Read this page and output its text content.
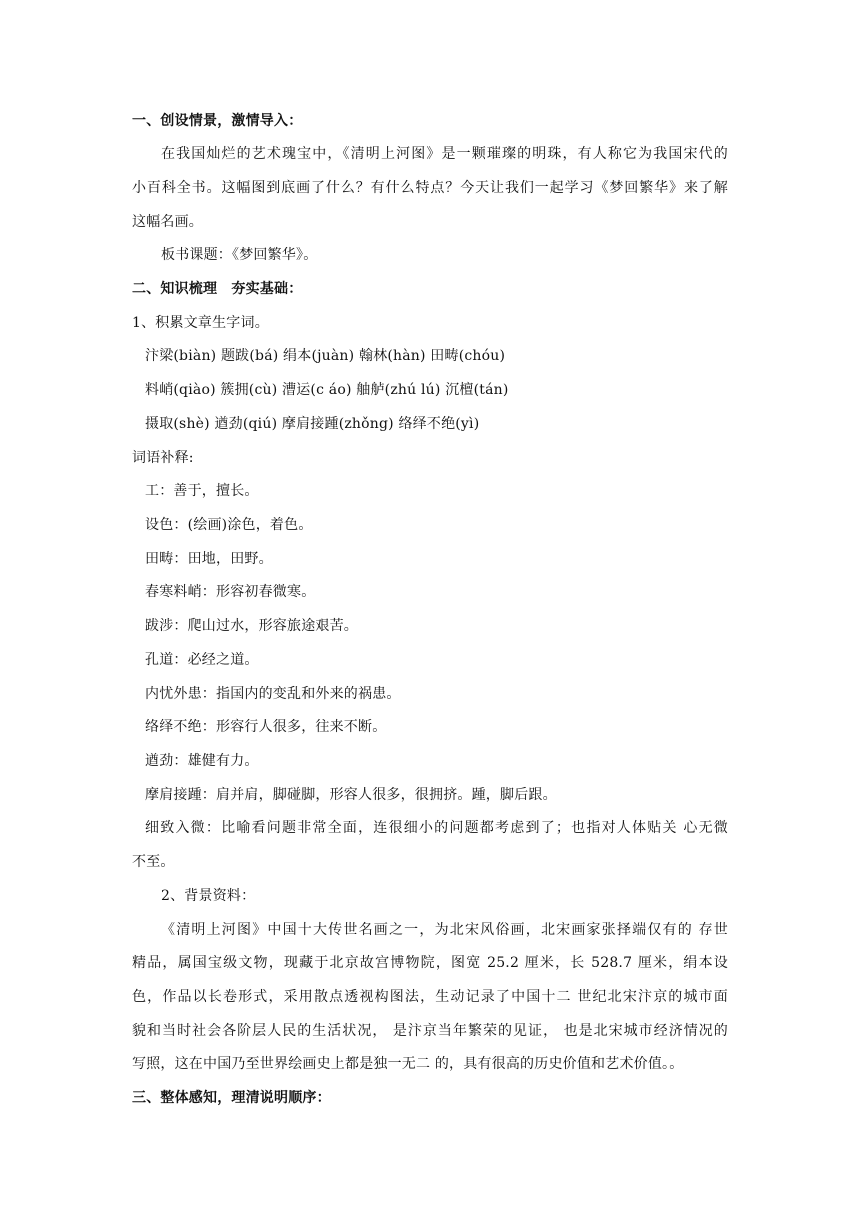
一、创设情景，激情导入：
在我国灿烂的艺术瑰宝中，《清明上河图》是一颗璀璨的明珠，有人称它为我国宋代的
小百科全书。这幅图到底画了什么？有什么特点？今天让我们一起学习《梦回繁华》来了解
这幅名画。
板书课题：《梦回繁华》。
二、知识梳理　夯实基础：
1、积累文章生字词。
汴梁(biàn) 题跋(bá) 绢本(juàn) 翰林(hàn) 田畴(chóu)
料峭(qiào) 簇拥(cù) 漕运(c áo) 舳舻(zhú lú) 沉檀(tán)
摄取(shè) 遒劲(qiú) 摩肩接踵(zhǒng) 络绎不绝(yì)
词语补释:
工：善于，擅长。
设色：(绘画)涂色，着色。
田畴：田地，田野。
春寒料峭：形容初春微寒。
跋涉：爬山过水，形容旅途艰苦。
孔道：必经之道。
内忧外患：指国内的变乱和外来的祸患。
络绎不绝：形容行人很多，往来不断。
遒劲：雄健有力。
摩肩接踵：肩并肩，脚碰脚，形容人很多，很拥挤。踵，脚后跟。
细致入微：比喻看问题非常全面，连很细小的问题都考虑到了；也指对人体贴关 心无微
不至。
2、背景资料：
《清明上河图》中国十大传世名画之一，为北宋风俗画，北宋画家张择端仅有的 存世
精品，属国宝级文物，现藏于北京故宫博物院，图宽 25.2 厘米，长 528.7 厘米，绢本设
色，作品以长卷形式，采用散点透视构图法，生动记录了中国十二 世纪北宋汴京的城市面
貌和当时社会各阶层人民的生活状况， 是汴京当年繁荣的见证， 也是北宋城市经济情况的
写照，这在中国乃至世界绘画史上都是独一无二 的，具有很高的历史价值和艺术价值。。
三、整体感知，理清说明顺序：
